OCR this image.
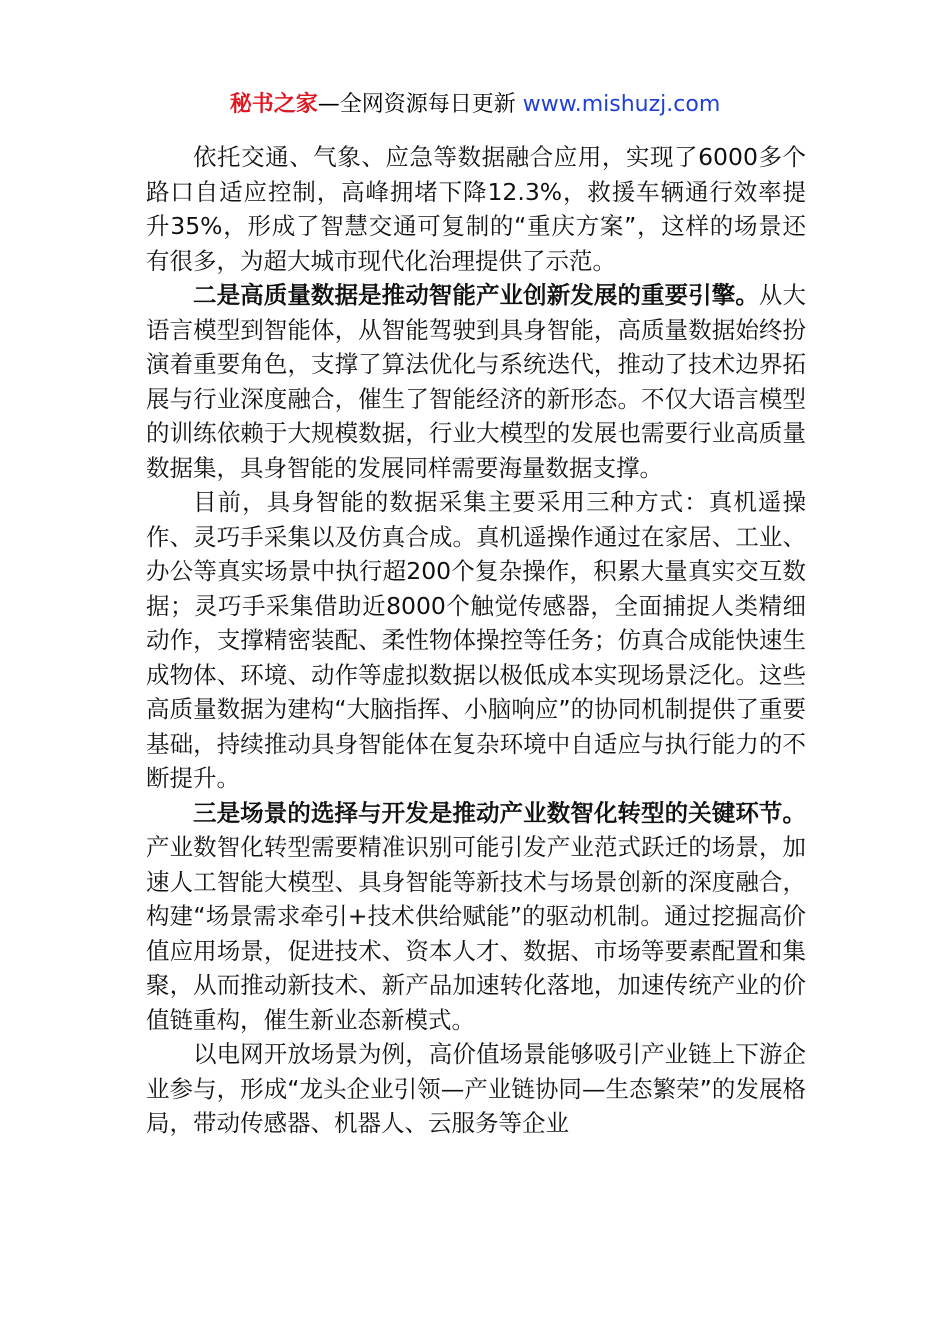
秘书之家—全网资源每日更新 www.mishuzj.com

依托交通、气象、应急等数据融合应用，实现了6000多个路口自适应控制，高峰拥堵下降12.3%，救援车辆通行效率提升35%，形成了智慧交通可复制的“重庆方案”，这样的场景还有很多，为超大城市现代化治理提供了示范。

二是高质量数据是推动智能产业创新发展的重要引擎。从大语言模型到智能体，从智能驾驶到具身智能，高质量数据始终扮演着重要角色，支撑了算法优化与系统迭代，推动了技术边界拓展与行业深度融合，催生了智能经济的新形态。不仅大语言模型的训练依赖于大规模数据，行业大模型的发展也需要行业高质量数据集，具身智能的发展同样需要海量数据支撑。

目前，具身智能的数据采集主要采用三种方式：真机遥操作、灵巧手采集以及仿真合成。真机遥操作通过在家居、工业、办公等真实场景中执行超200个复杂操作，积累大量真实交互数据；灵巧手采集借助近8000个触觉传感器，全面捕捉人类精细动作，支撑精密装配、柔性物体操控等任务；仿真合成能快速生成物体、环境、动作等虚拟数据以极低成本实现场景泛化。这些高质量数据为建构“大脑指挥、小脑响应”的协同机制提供了重要基础，持续推动具身智能体在复杂环境中自适应与执行能力的不断提升。

三是场景的选择与开发是推动产业数智化转型的关键环节。产业数智化转型需要精准识别可能引发产业范式跃迁的场景，加速人工智能大模型、具身智能等新技术与场景创新的深度融合，构建“场景需求牵引+技术供给赋能”的驱动机制。通过挖掘高价值应用场景，促进技术、资本人才、数据、市场等要素配置和集聚，从而推动新技术、新产品加速转化落地，加速传统产业的价值链重构，催生新业态新模式。

以电网开放场景为例，高价值场景能够吸引产业链上下游企业参与，形成“龙头企业引领—产业链协同—生态繁荣”的发展格局，带动传感器、机器人、云服务等企业
